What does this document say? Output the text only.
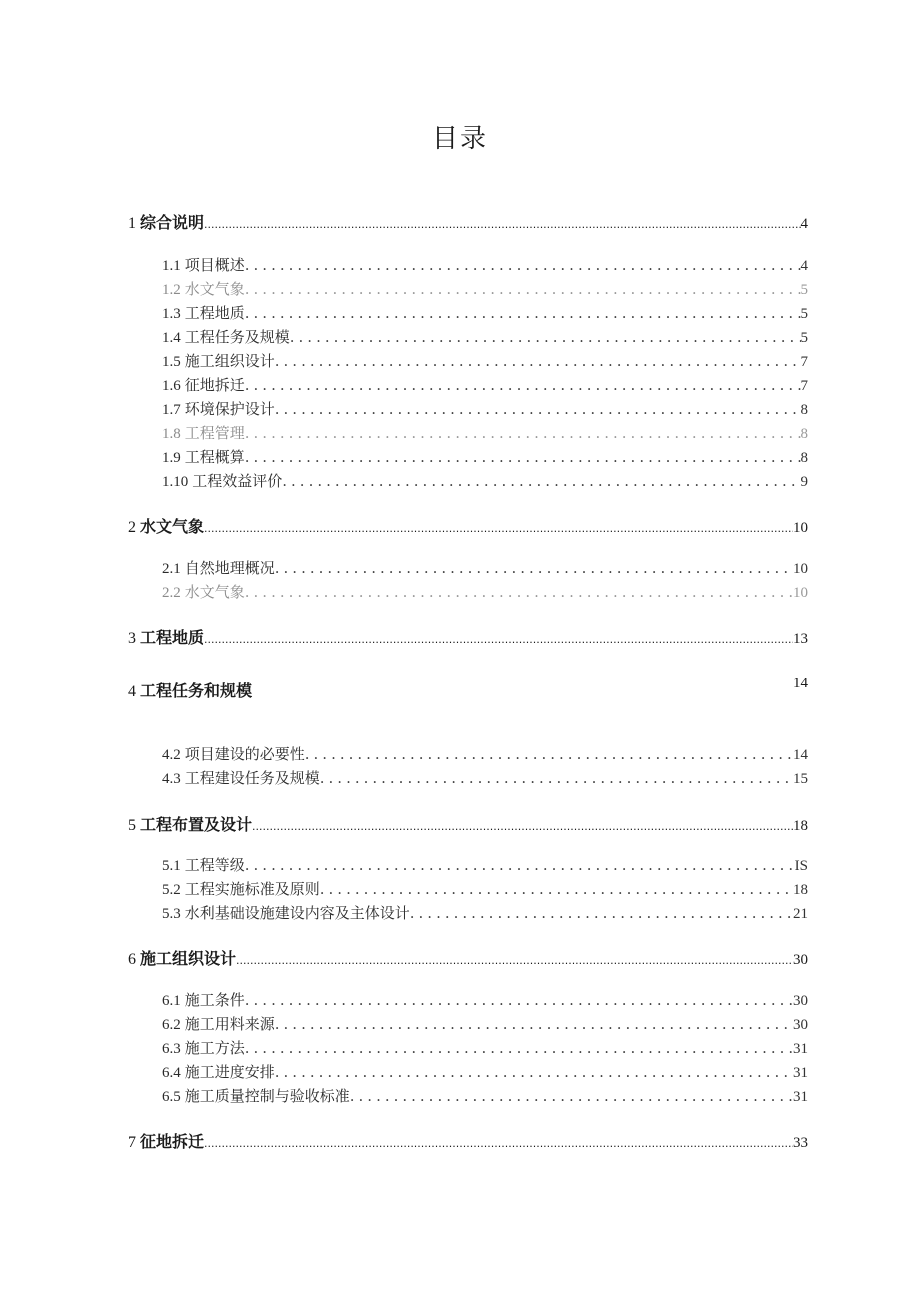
目录
1 综合说明 .....	4
1.1 项目概述 .....	4
1.2 水文气象 .....	5
1.3 工程地质 .....	5
1.4 工程任务及规模 .....	5
1.5 施工组织设计 .....	7
1.6 征地拆迁 .....	7
1.7 环境保护设计 .....	8
1.8 工程管理 .....	8
1.9 工程概算 .....	8
1.10 工程效益评价 .....	9
2 水文气象 .....	10
2.1 自然地理概况 .....	10
2.2 水文气象 .....	10
3 工程地质 .....	13
4 工程任务和规模	14
4.2 项目建设的必要性 .....	14
4.3 工程建设任务及规模 .....	15
5 工程布置及设计 .....	18
5.1 工程等级 .....	IS
5.2 工程实施标准及原则 .....	18
5.3 水利基础设施建设内容及主体设计 .....	21
6 施工组织设计 .....	30
6.1 施工条件 .....	30
6.2 施工用料来源 .....	30
6.3 施工方法 .....	31
6.4 施工进度安排 .....	31
6.5 施工质量控制与验收标准 .....	31
7 征地拆迁 .....	33
